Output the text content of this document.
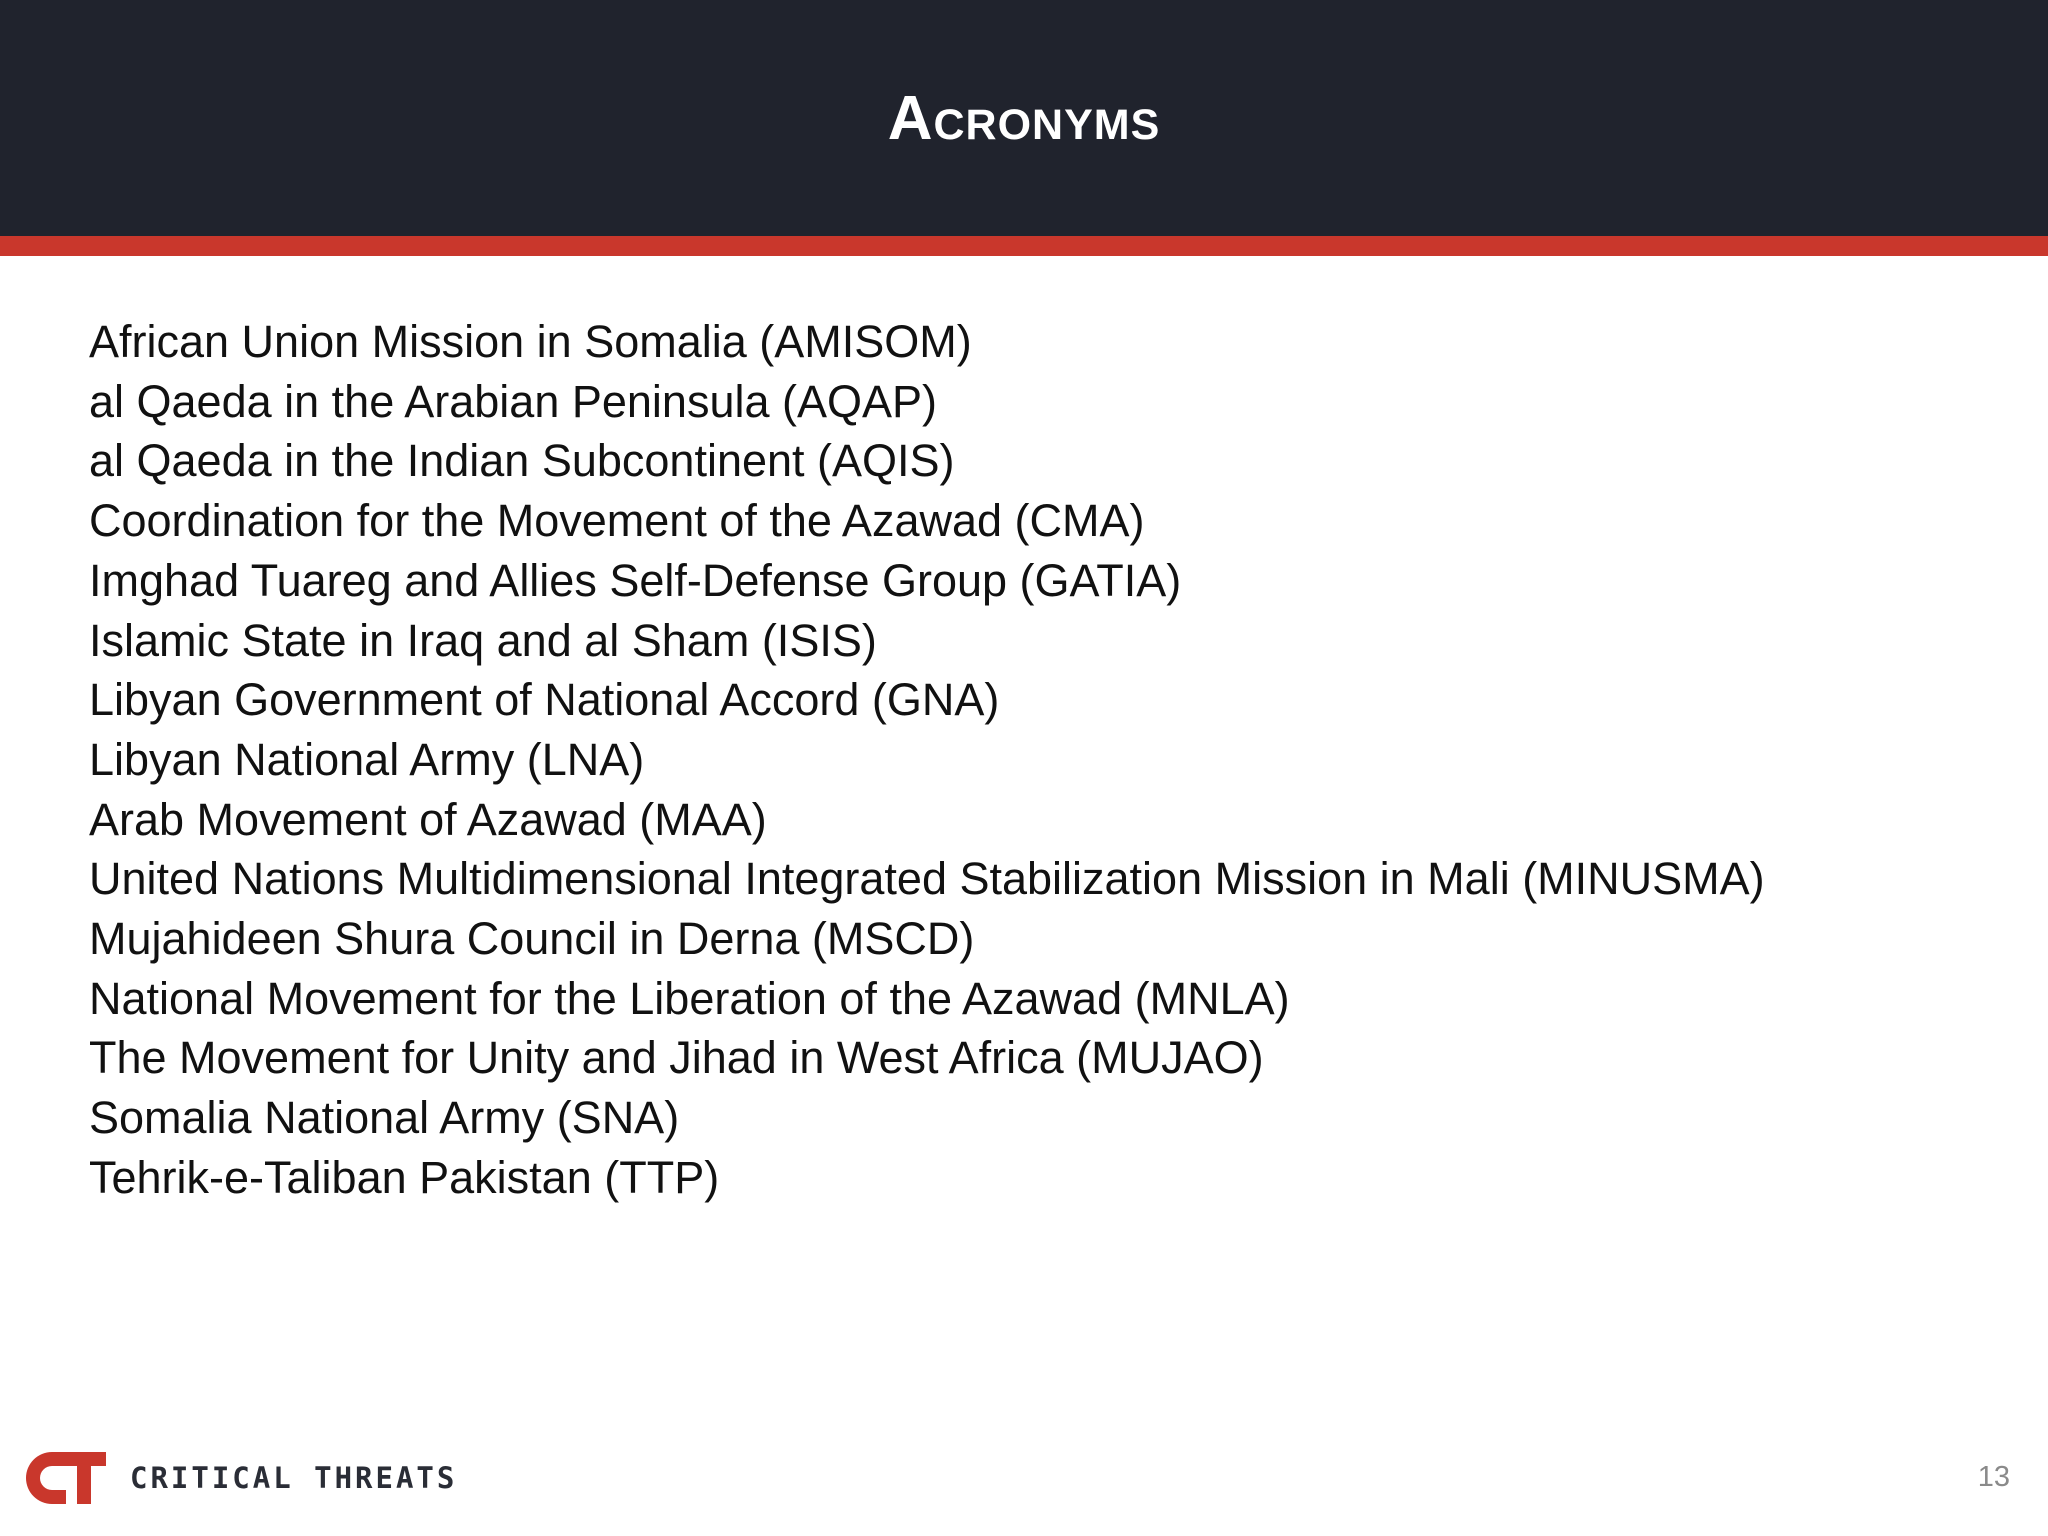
Acronyms
African Union Mission in Somalia (AMISOM)
al Qaeda in the Arabian Peninsula (AQAP)
al Qaeda in the Indian Subcontinent (AQIS)
Coordination for the Movement of the Azawad (CMA)
Imghad Tuareg and Allies Self-Defense Group (GATIA)
Islamic State in Iraq and al Sham (ISIS)
Libyan Government of National Accord (GNA)
Libyan National Army (LNA)
Arab Movement of Azawad (MAA)
United Nations Multidimensional Integrated Stabilization Mission in Mali (MINUSMA)
Mujahideen Shura Council in Derna (MSCD)
National Movement for the Liberation of the Azawad (MNLA)
The Movement for Unity and Jihad in West Africa (MUJAO)
Somalia National Army (SNA)
Tehrik-e-Taliban Pakistan (TTP)
CRITICAL THREATS	13
